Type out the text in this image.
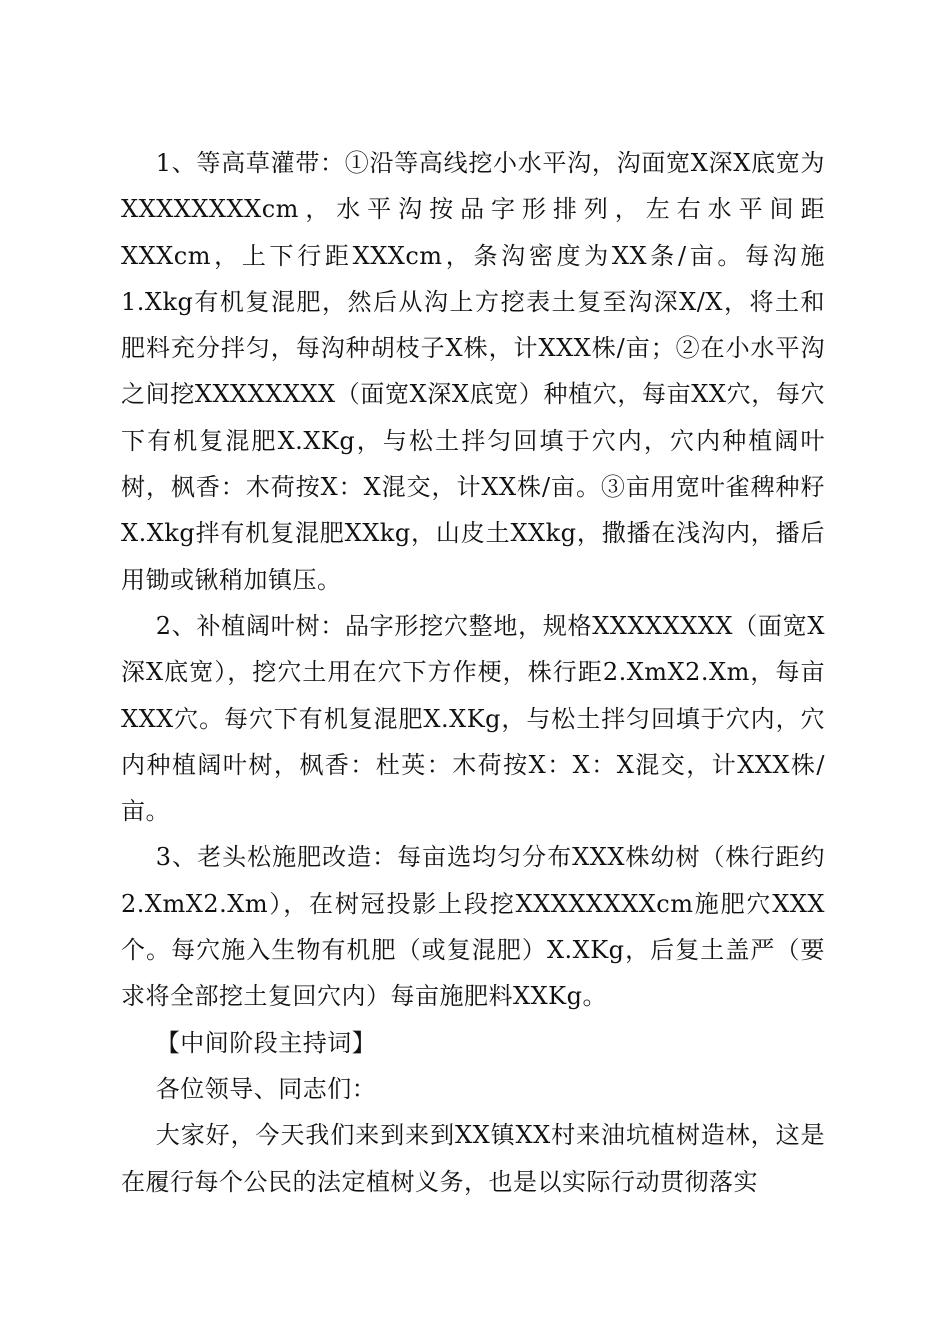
1、等高草灌带：①沿等高线挖小水平沟，沟面宽X深X底宽为XXXXXXXXcm，水平沟按品字形排列，左右水平间距XXXcm，上下行距XXXcm，条沟密度为XX条/亩。每沟施1.Xkg有机复混肥，然后从沟上方挖表土复至沟深X/X，将土和肥料充分拌匀，每沟种胡枝子X株，计XXX株/亩；②在小水平沟之间挖XXXXXXXX（面宽X深X底宽）种植穴，每亩XX穴，每穴下有机复混肥X.XKg，与松土拌匀回填于穴内，穴内种植阔叶树，枫香：木荷按X：X混交，计XX株/亩。③亩用宽叶雀稗种籽X.Xkg拌有机复混肥XXkg，山皮土XXkg，撒播在浅沟内，播后用锄或锹稍加镇压。

2、补植阔叶树：品字形挖穴整地，规格XXXXXXXX（面宽X深X底宽），挖穴土用在穴下方作梗，株行距2.XmX2.Xm，每亩XXX穴。每穴下有机复混肥X.XKg，与松土拌匀回填于穴内，穴内种植阔叶树，枫香：杜英：木荷按X：X：X混交，计XXX株/亩。

3、老头松施肥改造：每亩选均匀分布XXX株幼树（株行距约2.XmX2.Xm），在树冠投影上段挖XXXXXXXXcm施肥穴XXX个。每穴施入生物有机肥（或复混肥）X.XKg，后复土盖严（要求将全部挖土复回穴内）每亩施肥料XXKg。

【中间阶段主持词】

各位领导、同志们：

大家好，今天我们来到来到XX镇XX村来油坑植树造林，这是在履行每个公民的法定植树义务，也是以实际行动贯彻落实
